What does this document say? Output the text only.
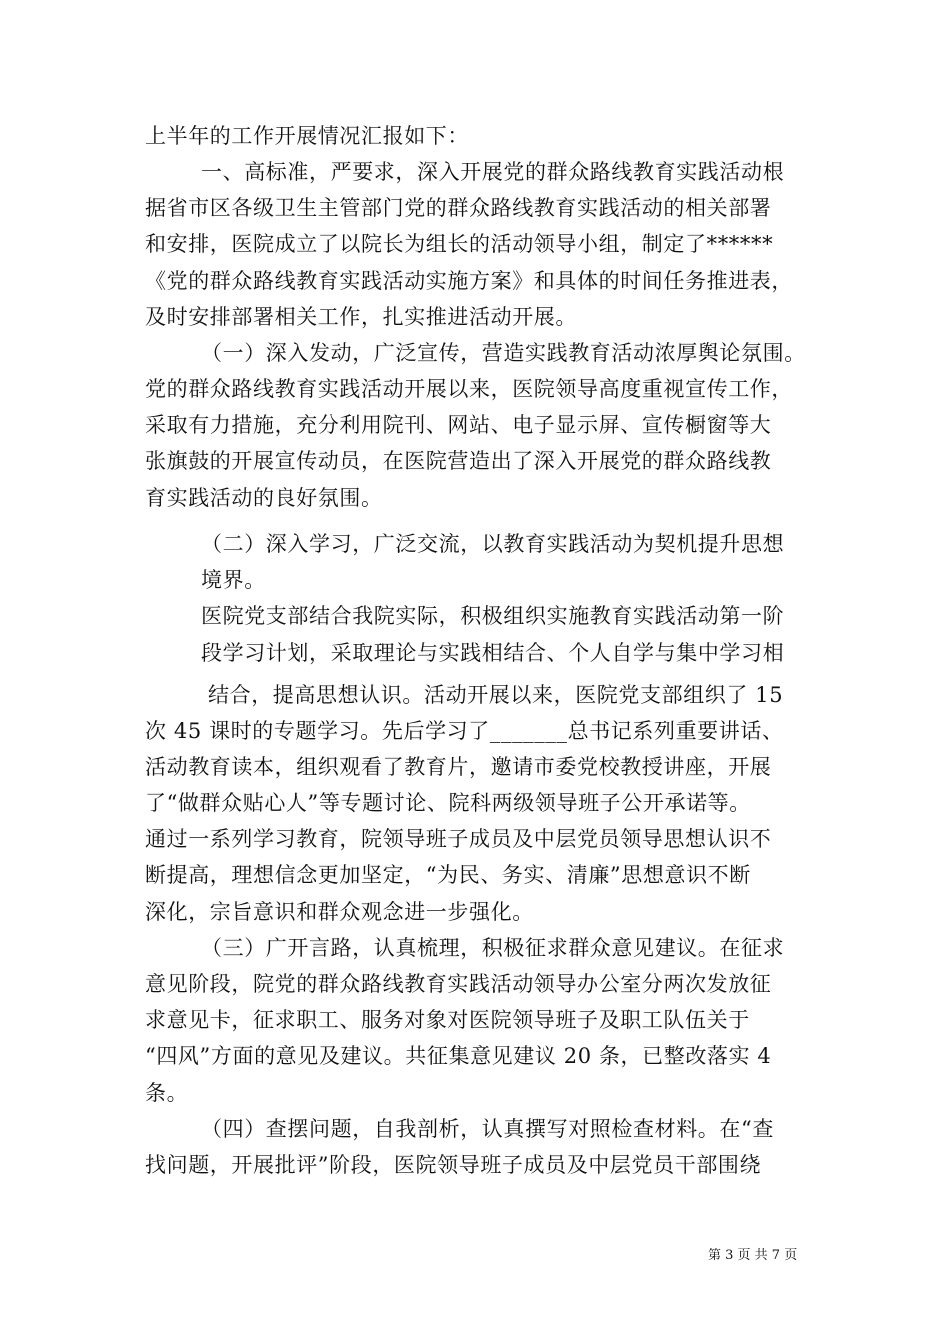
上半年的工作开展情况汇报如下：
一、高标准，严要求，深入开展党的群众路线教育实践活动根
据省市区各级卫生主管部门党的群众路线教育实践活动的相关部署
和安排，医院成立了以院长为组长的活动领导小组，制定了******
《党的群众路线教育实践活动实施方案》和具体的时间任务推进表，
及时安排部署相关工作，扎实推进活动开展。
（一）深入发动，广泛宣传，营造实践教育活动浓厚舆论氛围。
党的群众路线教育实践活动开展以来，医院领导高度重视宣传工作，
采取有力措施，充分利用院刊、网站、电子显示屏、宣传橱窗等大
张旗鼓的开展宣传动员，在医院营造出了深入开展党的群众路线教
育实践活动的良好氛围。
（二）深入学习，广泛交流，以教育实践活动为契机提升思想
境界。
医院党支部结合我院实际，积极组织实施教育实践活动第一阶
段学习计划，采取理论与实践相结合、个人自学与集中学习相
结合，提高思想认识。活动开展以来，医院党支部组织了 15
次 45 课时的专题学习。先后学习了_______总书记系列重要讲话、
活动教育读本，组织观看了教育片，邀请市委党校教授讲座，开展
了“做群众贴心人”等专题讨论、院科两级领导班子公开承诺等。
通过一系列学习教育，院领导班子成员及中层党员领导思想认识不
断提高，理想信念更加坚定，“为民、务实、清廉”思想意识不断
深化，宗旨意识和群众观念进一步强化。
（三）广开言路，认真梳理，积极征求群众意见建议。在征求
意见阶段，院党的群众路线教育实践活动领导办公室分两次发放征
求意见卡，征求职工、服务对象对医院领导班子及职工队伍关于
“四风”方面的意见及建议。共征集意见建议 20 条，已整改落实 4
条。
（四）查摆问题，自我剖析，认真撰写对照检查材料。在“查
找问题，开展批评”阶段，医院领导班子成员及中层党员干部围绕
第 3 页 共 7 页
